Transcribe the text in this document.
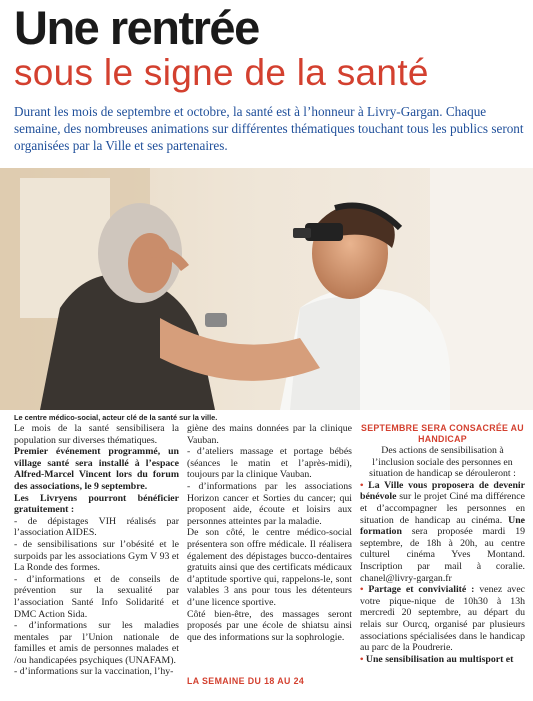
Une rentrée
sous le signe de la santé
Durant les mois de septembre et octobre, la santé est à l’honneur à Livry-Gargan. Chaque semaine, des nombreuses animations sur différentes thématiques touchant tous les publics seront organisées par la Ville et ses partenaires.
Le centre médico-social, acteur clé de la santé sur la ville.

Le mois de la santé sensibilisera la population sur diverses thématiques.

Premier événement programmé, un village santé sera installé à l’espace Alfred-Marcel Vincent lors du forum des associations, le 9 septembre.

Les Livryens pourront bénéficier gratuitement :

- de dépistages VIH réalisés par l’association AIDES.

- de sensibilisations sur l’obésité et le surpoids par les associations Gym V 93 et La Ronde des formes.

- d’informations et de conseils de prévention sur la sexualité par l’association Santé Info Solidarité et DMC Action Sida.

- d’informations sur les maladies mentales par l’Union nationale de familles et amis de personnes malades et /ou handicapées psychiques (UNAFAM).

- d’informations sur la vaccination, l’hy-

giène des mains données par la clinique Vauban.

- d’ateliers massage et portage bébés (séances le matin et l’après-midi), toujours par la clinique Vauban.

- d’informations par les associations Horizon cancer et Sorties du cancer; qui proposent aide, écoute et loisirs aux personnes atteintes par la maladie.

De son côté, le centre médico-social présentera son offre médicale. Il réalisera également des dépistages bucco-dentaires gratuits ainsi que des certificats médicaux d’aptitude sportive qui, rappelons-le, sont valables 3 ans pour tous les détenteurs d’une licence sportive.

Côté bien-être, des massages seront proposés par une école de shiatsu ainsi que des informations sur la sophrologie.

LA SEMAINE DU 18 AU 24

SEPTEMBRE SERA CONSACRÉE AU HANDICAP

Des actions de sensibilisation à l’inclusion sociale des personnes en situation de handicap se dérouleront :

• La Ville vous proposera de devenir bénévole sur le projet Ciné ma différence et d’accompagner les personnes en situation de handicap au cinéma. Une formation sera proposée mardi 19 septembre, de 18h à 20h, au centre culturel cinéma Yves Montand. Inscription par mail à coralie. chanel@livry-gargan.fr

• Partage et convivialité : venez avec votre pique-nique de 10h30 à 13h mercredi 20 septembre, au départ du relais sur Ourcq, organisé par plusieurs associations spécialisées dans le handicap au parc de la Poudrerie.

• Une sensibilisation au multisport et
